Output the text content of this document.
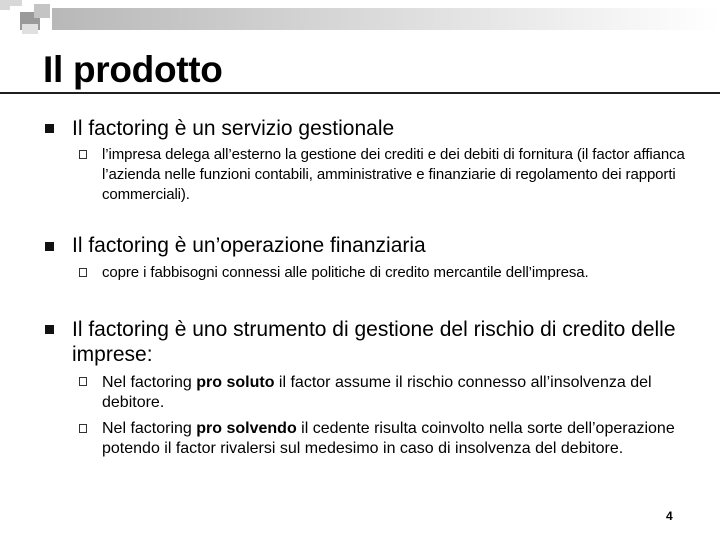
Il prodotto
Il factoring è un servizio gestionale
l’impresa delega all’esterno la gestione dei crediti e dei debiti di fornitura (il factor affianca l’azienda nelle funzioni contabili, amministrative e finanziarie di regolamento dei rapporti commerciali).
Il factoring è un’operazione finanziaria
copre i fabbisogni connessi alle politiche di credito mercantile dell’impresa.
Il factoring è uno strumento di gestione del rischio di credito delle imprese:
Nel factoring pro soluto il factor assume il rischio connesso all’insolvenza del debitore.
Nel factoring pro solvendo il cedente risulta coinvolto nella sorte dell’operazione potendo il factor rivalersi sul medesimo in caso di insolvenza del debitore.
4
